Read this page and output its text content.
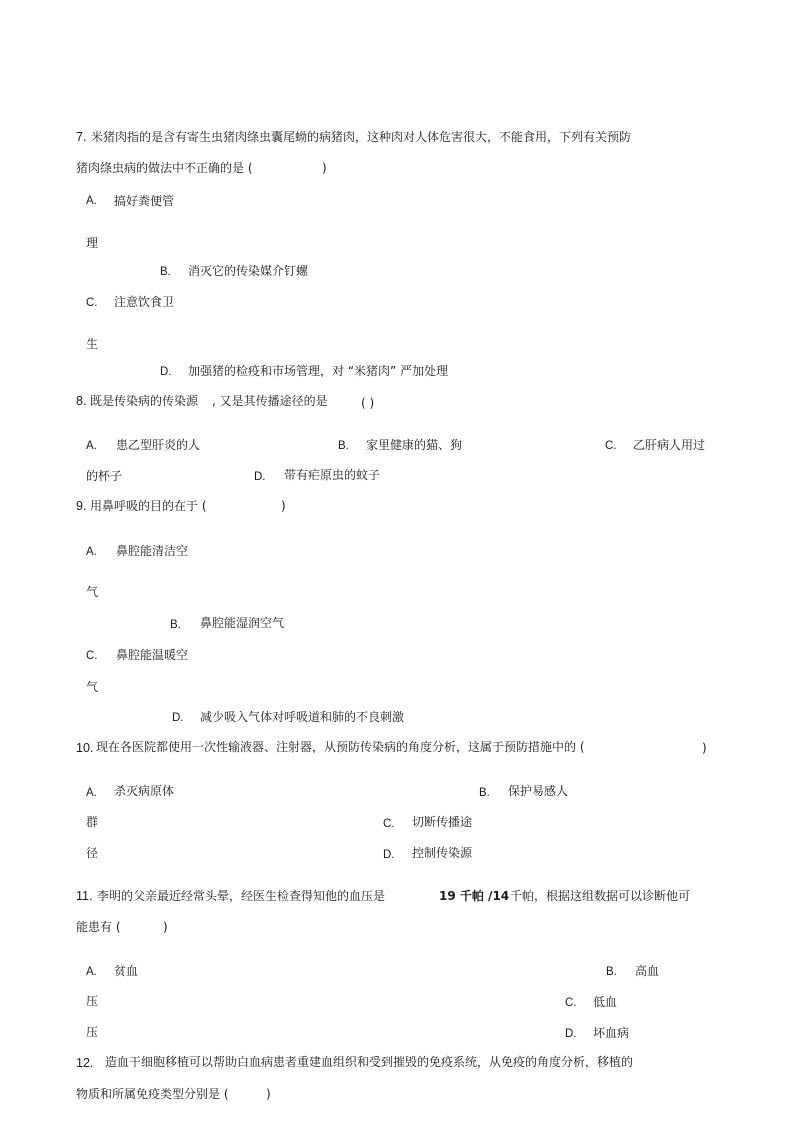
7. 米猪肉指的是含有寄生虫猪肉绦虫囊尾蚴的病猪肉，这种肉对人体危害很大，不能食用，下列有关预防
猪肉绦虫病的做法中不正确的是 (	)
A. 搞好粪便管
理
B. 消灭它的传染媒介钉螺
C. 注意饮食卫
生
D. 加强猪的检疫和市场管理，对 “米猪肉” 严加处理
8. 既是传染病的传染源 , 又是其传播途径的是	( )
A. 患乙型肝炎的人	B. 家里健康的猫、狗	C. 乙肝病人用过
的杯子	D. 带有疟原虫的蚊子
9. 用鼻呼吸的目的在于 (	)
A. 鼻腔能清洁空
气
B. 鼻腔能湿润空气
C. 鼻腔能温暖空
气
D. 减少吸入气体对呼吸道和肺的不良刺激
10. 现在各医院都使用一次性输液器、注射器，从预防传染病的角度分析，这属于预防措施中的 (	)
A. 杀灭病原体	B. 保护易感人
群	C. 切断传播途
径	D. 控制传染源
11. 李明的父亲最近经常头晕，经医生检查得知他的血压是	19 千帕 /14 千帕，根据这组数据可以诊断他可
能患有 (	)
A. 贫血	B. 高血
压	C. 低血
压	D. 坏血病
12. 造血干细胞移植可以帮助白血病患者重建血组织和受到摧毁的免疫系统，从免疫的角度分析，移植的
物质和所属免疫类型分别是 (	)
